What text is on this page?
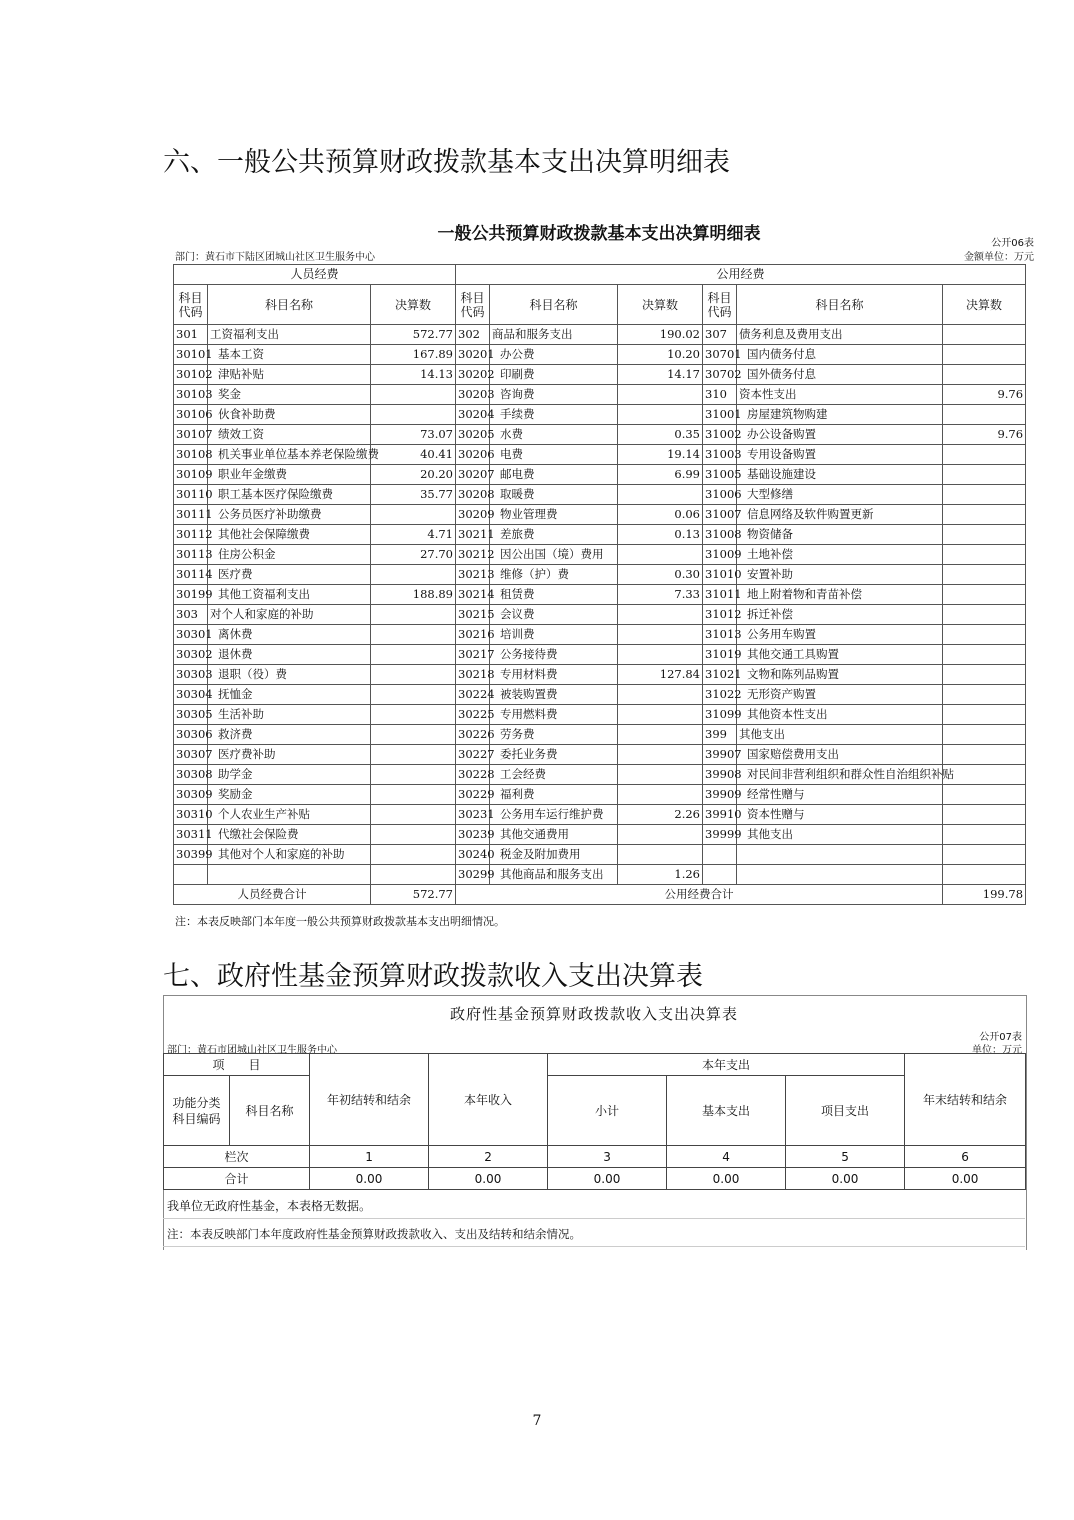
六、一般公共预算财政拨款基本支出决算明细表
一般公共预算财政拨款基本支出决算明细表	公开06表
金额单位：万元
部门：黄石市下陆区团城山社区卫生服务中心
人员经费			公用经费					
科目
代码	科目名称	决算数	科目
代码	科目名称	决算数	科目
代码	科目名称	决算数
301	工资福利支出	572.77	302	商品和服务支出	190.02	307	债务利息及费用支出	
30101	基本工资	167.89	30201	办公费	10.20	30701	国内债务付息	
30102	津贴补贴	14.13	30202	印刷费	14.17	30702	国外债务付息	
30103	奖金		30203	咨询费		310	资本性支出	9.76
30106	伙食补助费		30204	手续费		31001	房屋建筑物购建	
30107	绩效工资	73.07	30205	水费	0.35	31002	办公设备购置	9.76
30108	机关事业单位基本养老保险缴费	40.41	30206	电费	19.14	31003	专用设备购置	
30109	职业年金缴费	20.20	30207	邮电费	6.99	31005	基础设施建设	
30110	职工基本医疗保险缴费	35.77	30208	取暖费		31006	大型修缮	
30111	公务员医疗补助缴费		30209	物业管理费	0.06	31007	信息网络及软件购置更新	
30112	其他社会保障缴费	4.71	30211	差旅费	0.13	31008	物资储备	
30113	住房公积金	27.70	30212	因公出国（境）费用		31009	土地补偿	
30114	医疗费		30213	维修（护）费	0.30	31010	安置补助	
30199	其他工资福利支出	188.89	30214	租赁费	7.33	31011	地上附着物和青苗补偿	
303	对个人和家庭的补助		30215	会议费		31012	拆迁补偿	
30301	离休费		30216	培训费		31013	公务用车购置	
30302	退休费		30217	公务接待费		31019	其他交通工具购置	
30303	退职（役）费		30218	专用材料费	127.84	31021	文物和陈列品购置	
30304	抚恤金		30224	被装购置费		31022	无形资产购置	
30305	生活补助		30225	专用燃料费		31099	其他资本性支出	
30306	救济费		30226	劳务费		399	其他支出	
30307	医疗费补助		30227	委托业务费		39907	国家赔偿费用支出	
30308	助学金		30228	工会经费		39908	对民间非营利组织和群众性自治组织补贴	
30309	奖励金		30229	福利费		39909	经常性赠与	
30310	个人农业生产补贴		30231	公务用车运行维护费	2.26	39910	资本性赠与	
30311	代缴社会保险费		30239	其他交通费用		39999	其他支出	
30399	其他对个人和家庭的补助		30240	税金及附加费用				
			30299	其他商品和服务支出	1.26			
人员经费合计		572.77	公用经费合计					199.78
注：本表反映部门本年度一般公共预算财政拨款基本支出明细情况。
七、政府性基金预算财政拨款收入支出决算表
政府性基金预算财政拨款收入支出决算表
公开07表
单位：万元
部门：黄石市团城山社区卫生服务中心
项　　目		年初结转和结余	本年收入	本年支出			年末结转和结余
功能分类
科目编码	科目名称			小计	基本支出	项目支出	

栏次		1	2	3	4	5	6
合计		0.00	0.00	0.00	0.00	0.00	0.00
我单位无政府性基金，本表格无数据。
注：本表反映部门本年度政府性基金预算财政拨款收入、支出及结转和结余情况。
7
